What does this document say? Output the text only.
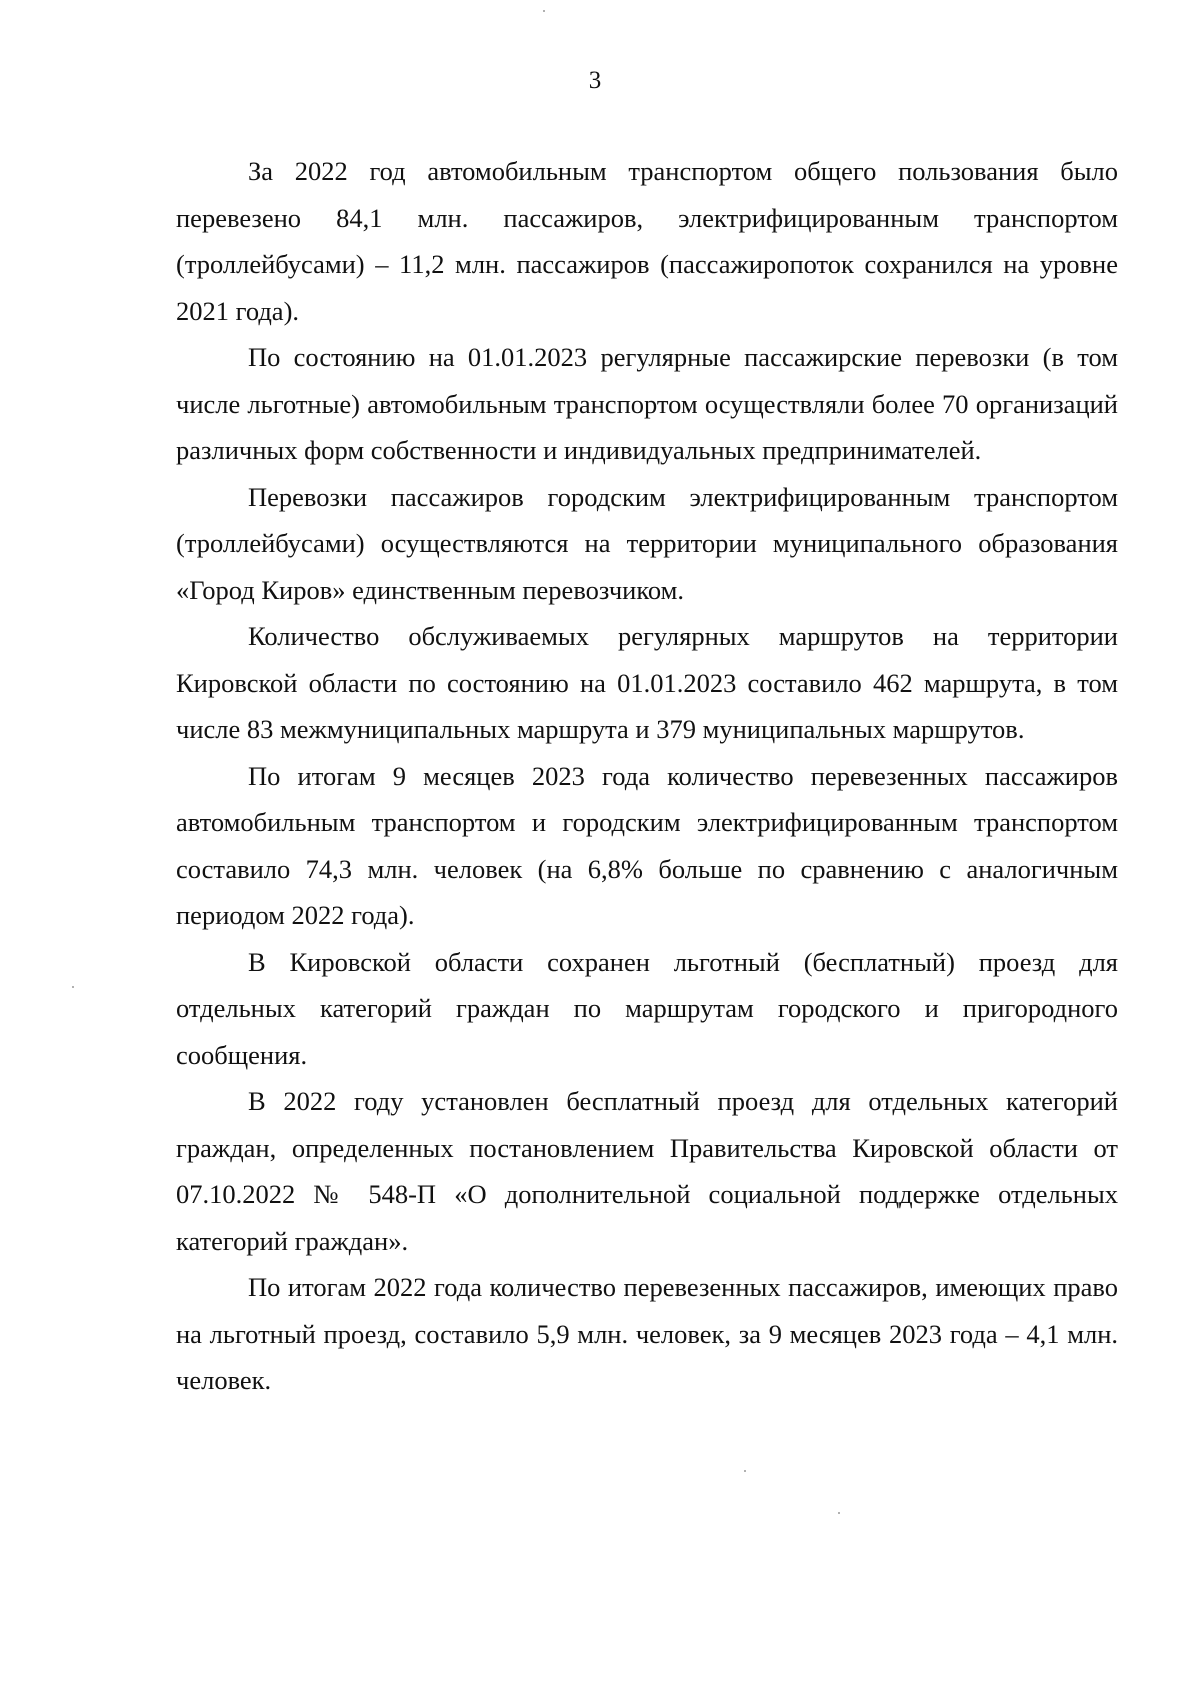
3

За 2022 год автомобильным транспортом общего пользования было перевезено 84,1 млн. пассажиров, электрифицированным транспортом (троллейбусами) – 11,2 млн. пассажиров (пассажиропоток сохранился на уровне 2021 года).

По состоянию на 01.01.2023 регулярные пассажирские перевозки (в том числе льготные) автомобильным транспортом осуществляли более 70 организаций различных форм собственности и индивидуальных предпринимателей.

Перевозки пассажиров городским электрифицированным транспортом (троллейбусами) осуществляются на территории муниципального образования «Город Киров» единственным перевозчиком.

Количество обслуживаемых регулярных маршрутов на территории Кировской области по состоянию на 01.01.2023 составило 462 маршрута, в том числе 83 межмуниципальных маршрута и 379 муниципальных маршрутов.

По итогам 9 месяцев 2023 года количество перевезенных пассажиров автомобильным транспортом и городским электрифицированным транспортом составило 74,3 млн. человек (на 6,8% больше по сравнению с аналогичным периодом 2022 года).

В Кировской области сохранен льготный (бесплатный) проезд для отдельных категорий граждан по маршрутам городского и пригородного сообщения.

В 2022 году установлен бесплатный проезд для отдельных категорий граждан, определенных постановлением Правительства Кировской области от 07.10.2022 № 548-П «О дополнительной социальной поддержке отдельных категорий граждан».

По итогам 2022 года количество перевезенных пассажиров, имеющих право на льготный проезд, составило 5,9 млн. человек, за 9 месяцев 2023 года – 4,1 млн. человек.
